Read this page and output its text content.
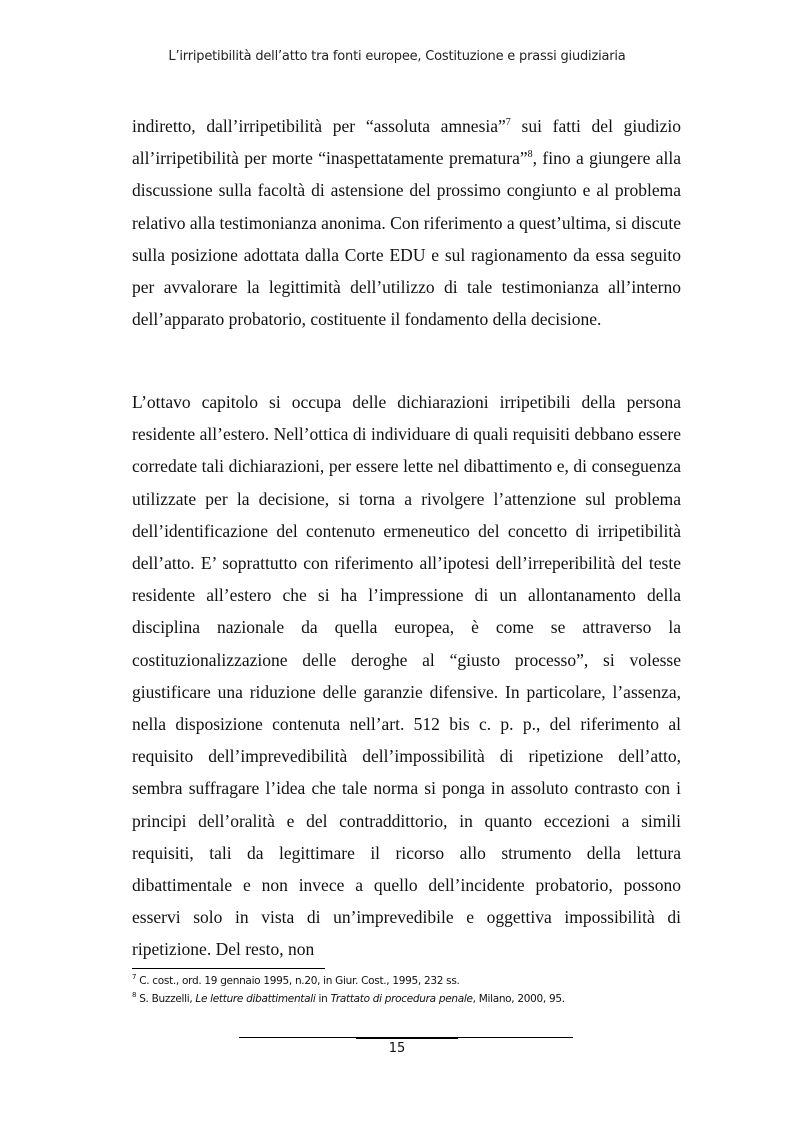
L’irripetibilità dell’atto tra fonti europee, Costituzione e prassi giudiziaria

indiretto, dall’irripetibilità per “assoluta amnesia”$^7$ sui fatti del giudizio all’irripetibilità per morte “inaspettatamente prematura”$^8$, fino a giungere alla discussione sulla facoltà di astensione del prossimo congiunto e al problema relativo alla testimonianza anonima. Con riferimento a quest’ultima, si discute sulla posizione adottata dalla Corte EDU e sul ragionamento da essa seguito per avvalorare la legittimità dell’utilizzo di tale testimonianza all’interno dell’apparato probatorio, costituente il fondamento della decisione.

L’ottavo capitolo si occupa delle dichiarazioni irripetibili della persona residente all’estero. Nell’ottica di individuare di quali requisiti debbano essere corredate tali dichiarazioni, per essere lette nel dibattimento e, di conseguenza utilizzate per la decisione, si torna a rivolgere l’attenzione sul problema dell’identificazione del contenuto ermeneutico del concetto di irripetibilità dell’atto. E’ soprattutto con riferimento all’ipotesi dell’irreperibilità del teste residente all’estero che si ha l’impressione di un allontanamento della disciplina nazionale da quella europea, è come se attraverso la costituzionalizzazione delle deroghe al “giusto processo”, si volesse giustificare una riduzione delle garanzie difensive. In particolare, l’assenza, nella disposizione contenuta nell’art. 512 bis c. p. p., del riferimento al requisito dell’imprevedibilità dell’impossibilità di ripetizione dell’atto, sembra suffragare l’idea che tale norma si ponga in assoluto contrasto con i principi dell’oralità e del contraddittorio, in quanto eccezioni a simili requisiti, tali da legittimare il ricorso allo strumento della lettura dibattimentale e non invece a quello dell’incidente probatorio, possono esservi solo in vista di un’imprevedibile e oggettiva impossibilità di ripetizione. Del resto, non

$^7$ C. cost., ord. 19 gennaio 1995, n.20, in Giur. Cost., 1995, 232 ss.
$^8$ S. Buzzelli, Le letture dibattimentali in Trattato di procedura penale, Milano, 2000, 95.
15
